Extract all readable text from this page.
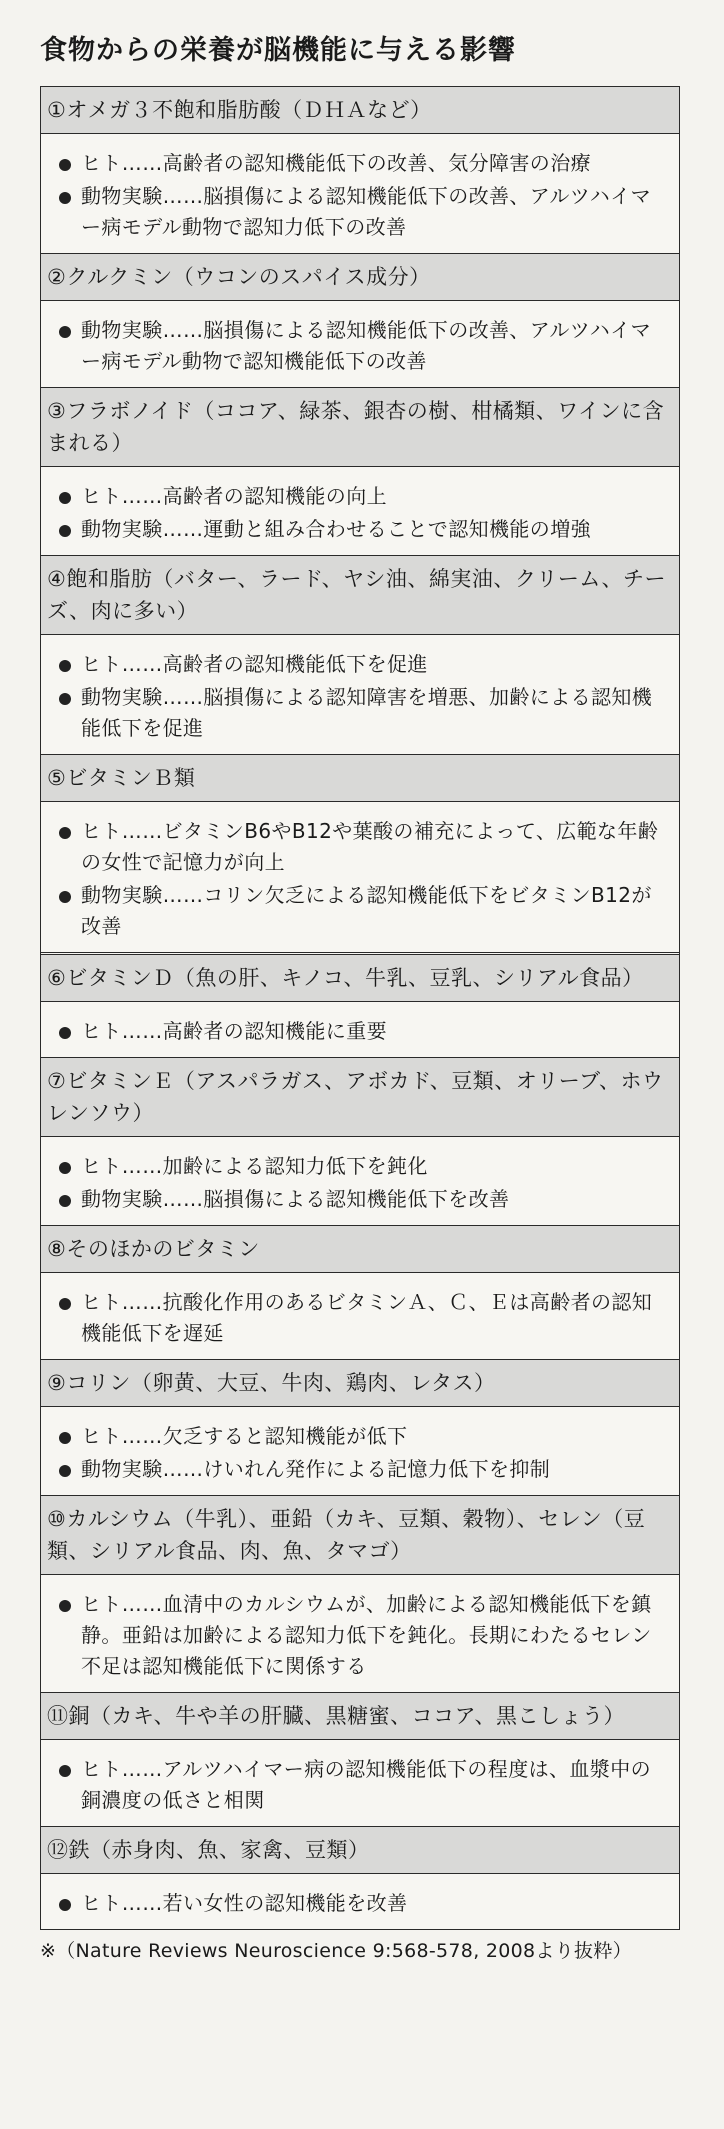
食物からの栄養が脳機能に与える影響
①オメガ３不飽和脂肪酸（ＤＨＡなど）
ヒト……高齢者の認知機能低下の改善、気分障害の治療
動物実験……脳損傷による認知機能低下の改善、アルツハイマー病モデル動物で認知力低下の改善
②クルクミン（ウコンのスパイス成分）
動物実験……脳損傷による認知機能低下の改善、アルツハイマー病モデル動物で認知機能低下の改善
③フラボノイド（ココア、緑茶、銀杏の樹、柑橘類、ワインに含まれる）
ヒト……高齢者の認知機能の向上
動物実験……運動と組み合わせることで認知機能の増強
④飽和脂肪（バター、ラード、ヤシ油、綿実油、クリーム、チーズ、肉に多い）
ヒト……高齢者の認知機能低下を促進
動物実験……脳損傷による認知障害を増悪、加齢による認知機能低下を促進
⑤ビタミンＢ類
ヒト……ビタミンB6やB12や葉酸の補充によって、広範な年齢の女性で記憶力が向上
動物実験……コリン欠乏による認知機能低下をビタミンB12が改善
⑥ビタミンＤ（魚の肝、キノコ、牛乳、豆乳、シリアル食品）
ヒト……高齢者の認知機能に重要
⑦ビタミンＥ（アスパラガス、アボカド、豆類、オリーブ、ホウレンソウ）
ヒト……加齢による認知力低下を鈍化
動物実験……脳損傷による認知機能低下を改善
⑧そのほかのビタミン
ヒト……抗酸化作用のあるビタミンＡ、Ｃ、Ｅは高齢者の認知機能低下を遅延
⑨コリン（卵黄、大豆、牛肉、鶏肉、レタス）
ヒト……欠乏すると認知機能が低下
動物実験……けいれん発作による記憶力低下を抑制
⑩カルシウム（牛乳）、亜鉛（カキ、豆類、穀物）、セレン（豆類、シリアル食品、肉、魚、タマゴ）
ヒト……血清中のカルシウムが、加齢による認知機能低下を鎮静。亜鉛は加齢による認知力低下を鈍化。長期にわたるセレン不足は認知機能低下に関係する
⑪銅（カキ、牛や羊の肝臓、黒糖蜜、ココア、黒こしょう）
ヒト……アルツハイマー病の認知機能低下の程度は、血漿中の銅濃度の低さと相関
⑫鉄（赤身肉、魚、家禽、豆類）
ヒト……若い女性の認知機能を改善
※（Nature Reviews Neuroscience 9:568-578, 2008より抜粋）
